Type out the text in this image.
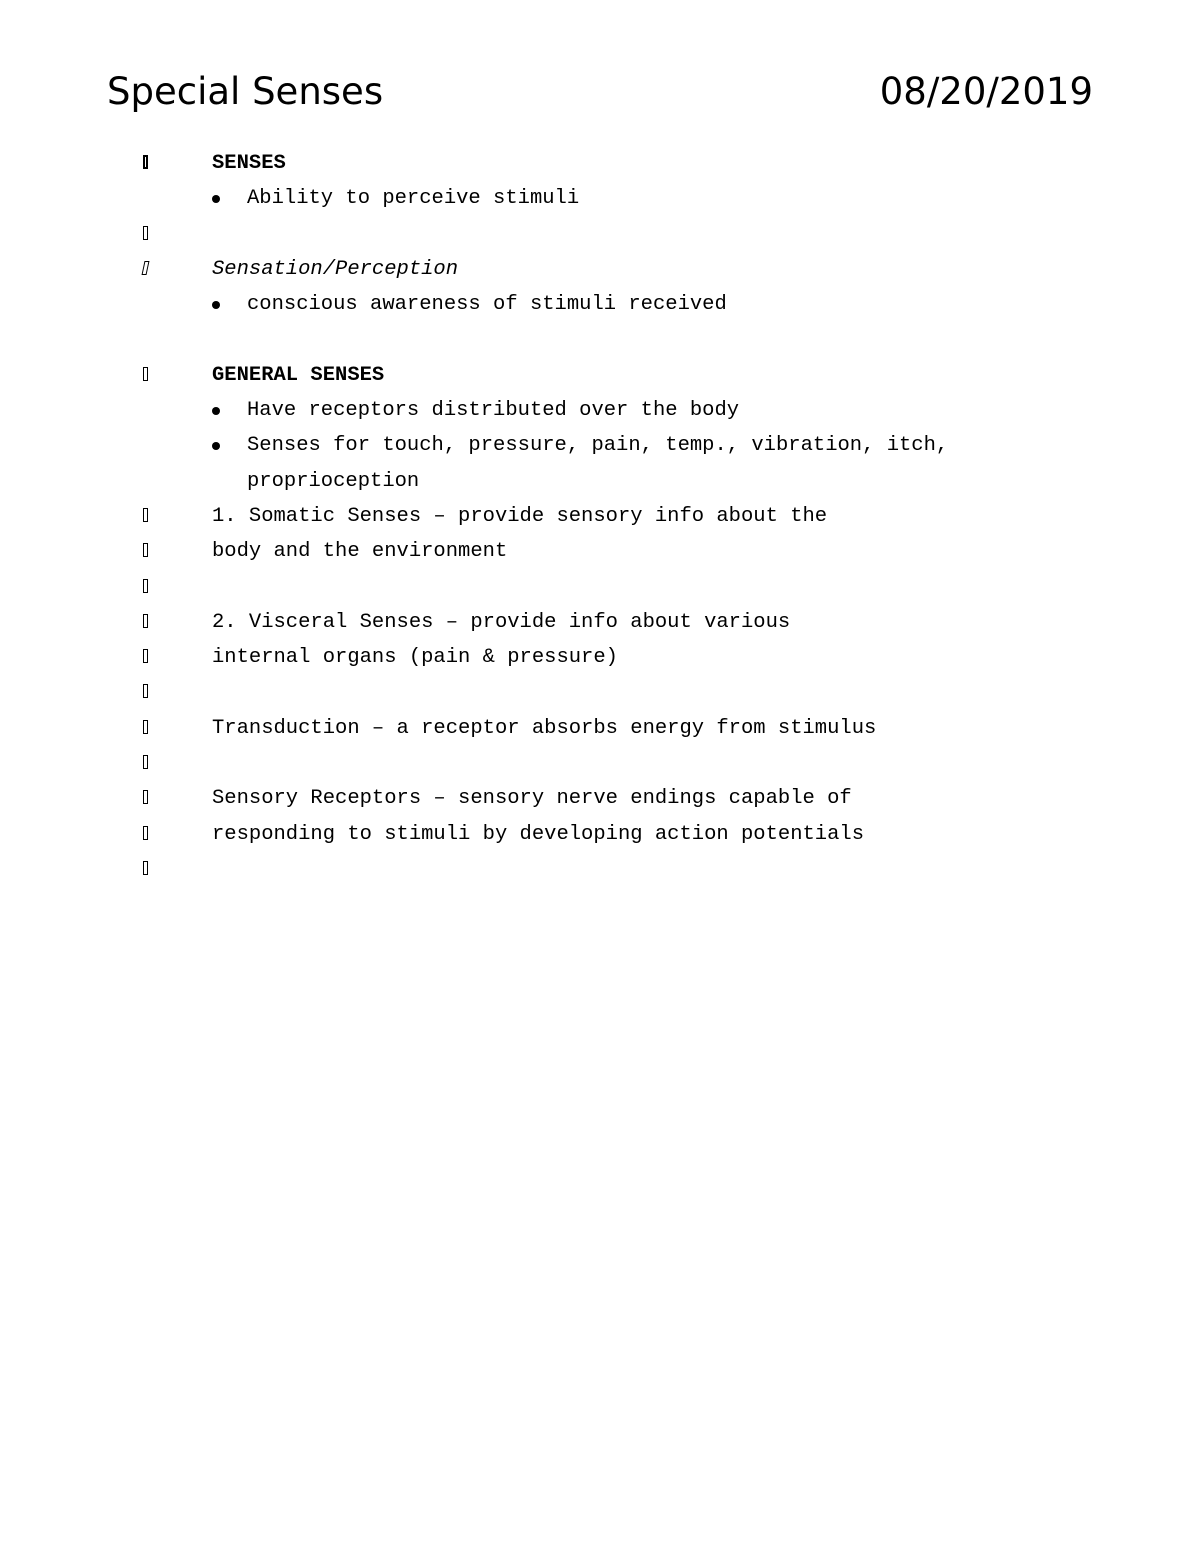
Special Senses	08/20/2019
SENSES
Ability to perceive stimuli
Sensation/Perception
conscious awareness of stimuli received
GENERAL SENSES
Have receptors distributed over the body
Senses for touch, pressure, pain, temp., vibration, itch,
proprioception
1. Somatic Senses – provide sensory info about the
body and the environment
2. Visceral Senses – provide info about various
internal organs (pain & pressure)
Transduction – a receptor absorbs energy from stimulus
Sensory Receptors – sensory nerve endings capable of
responding to stimuli by developing action potentials
